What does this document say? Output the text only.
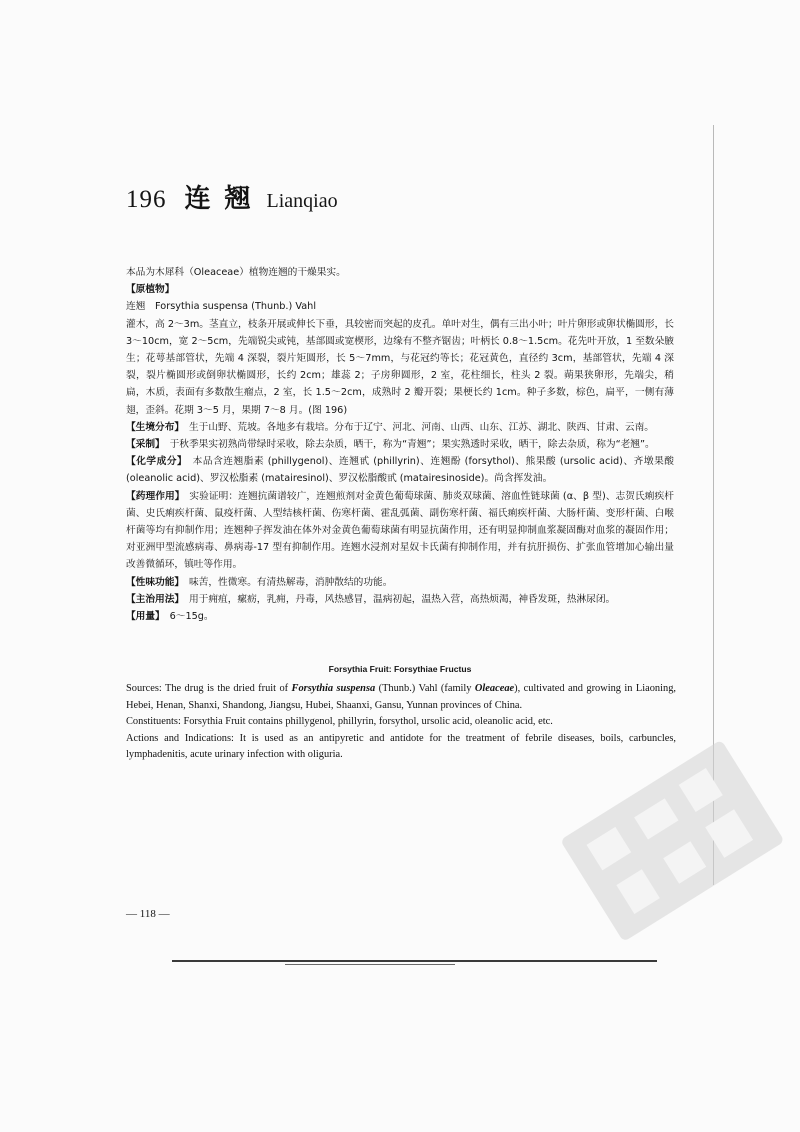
196 连翘 Lianqiao

本品为木犀科（Oleaceae）植物连翘的干燥果实。

【原植物】

连翘　Forsythia suspensa (Thunb.) Vahl

灌木，高 2～3m。茎直立，枝条开展或伸长下垂，具较密而突起的皮孔。单叶对生，偶有三出小叶；叶片卵形或卵状椭圆形，长 3～10cm，宽 2～5cm，先端锐尖或钝，基部圆或宽楔形，边缘有不整齐锯齿；叶柄长 0.8～1.5cm。花先叶开放，1 至数朵腋生；花萼基部管状，先端 4 深裂，裂片矩圆形，长 5～7mm，与花冠约等长；花冠黄色，直径约 3cm，基部管状，先端 4 深裂，裂片椭圆形或倒卵状椭圆形，长约 2cm；雄蕊 2；子房卵圆形，2 室，花柱细长，柱头 2 裂。蒴果狭卵形，先端尖，稍扁，木质，表面有多数散生瘤点，2 室，长 1.5～2cm，成熟时 2 瓣开裂；果梗长约 1cm。种子多数，棕色，扁平，一侧有薄翅，歪斜。花期 3～5 月，果期 7～8 月。(图 196)

【生境分布】　 生于山野、荒坡。各地多有栽培。分布于辽宁、河北、河南、山西、山东、江苏、湖北、陕西、甘肃、云南。

【采制】　 于秋季果实初熟尚带绿时采收，除去杂质，晒干，称为“青翘”；果实熟透时采收，晒干，除去杂质，称为“老翘”。

【化学成分】　 本品含连翘脂素 (phillygenol)、连翘甙 (phillyrin)、连翘酚 (forsythol)、熊果酸 (ursolic acid)、齐墩果酸 (oleanolic acid)、罗汉松脂素 (matairesinol)、罗汉松脂酸甙 (matairesinoside)。尚含挥发油。

【药理作用】　 实验证明：连翘抗菌谱较广，连翘煎剂对金黄色葡萄球菌、肺炎双球菌、溶血性链球菌 (α、β 型)、志贺氏痢疾杆菌、史氏痢疾杆菌、鼠疫杆菌、人型结核杆菌、伤寒杆菌、霍乱弧菌、副伤寒杆菌、福氏痢疾杆菌、大肠杆菌、变形杆菌、白喉杆菌等均有抑制作用；连翘种子挥发油在体外对金黄色葡萄球菌有明显抗菌作用，还有明显抑制血浆凝固酶对血浆的凝固作用；对亚洲甲型流感病毒、鼻病毒-17 型有抑制作用。连翘水浸剂对星奴卡氏菌有抑制作用，并有抗肝损伤、扩张血管增加心输出量改善微循环，镇吐等作用。

【性味功能】　 味苦，性微寒。有清热解毒，消肿散结的功能。

【主治用法】　 用于痈疽，瘰疬，乳痈，丹毒，风热感冒，温病初起，温热入营，高热烦渴，神昏发斑，热淋尿闭。

【用量】　 6～15g。

Forsythia Fruit: Forsythiae Fructus

Sources: The drug is the dried fruit of Forsythia suspensa (Thunb.) Vahl (family Oleaceae), cultivated and growing in Liaoning, Hebei, Henan, Shanxi, Shandong, Jiangsu, Hubei, Shaanxi, Gansu, Yunnan provinces of China.

Constituents: Forsythia Fruit contains phillygenol, phillyrin, forsythol, ursolic acid, oleanolic acid, etc.

Actions and Indications: It is used as an antipyretic and antidote for the treatment of febrile diseases, boils, carbuncles, lymphadenitis, acute urinary infection with oliguria.

— 118 —
